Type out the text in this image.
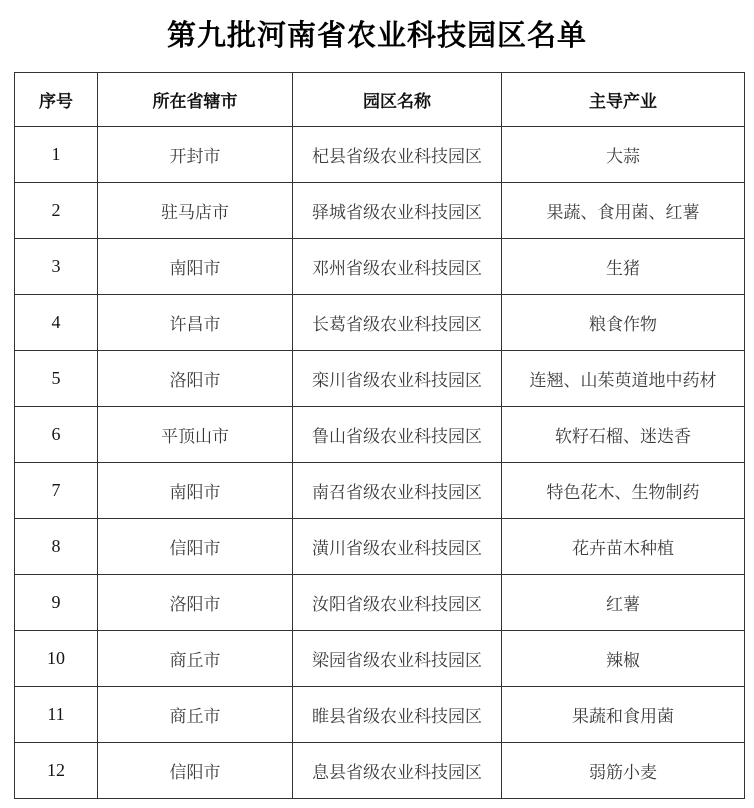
第九批河南省农业科技园区名单
序号	所在省辖市	园区名称	主导产业
1	开封市	杞县省级农业科技园区	大蒜
2	驻马店市	驿城省级农业科技园区	果蔬、食用菌、红薯
3	南阳市	邓州省级农业科技园区	生猪
4	许昌市	长葛省级农业科技园区	粮食作物
5	洛阳市	栾川省级农业科技园区	连翘、山茱萸道地中药材
6	平顶山市	鲁山省级农业科技园区	软籽石榴、迷迭香
7	南阳市	南召省级农业科技园区	特色花木、生物制药
8	信阳市	潢川省级农业科技园区	花卉苗木种植
9	洛阳市	汝阳省级农业科技园区	红薯
10	商丘市	梁园省级农业科技园区	辣椒
11	商丘市	睢县省级农业科技园区	果蔬和食用菌
12	信阳市	息县省级农业科技园区	弱筋小麦
